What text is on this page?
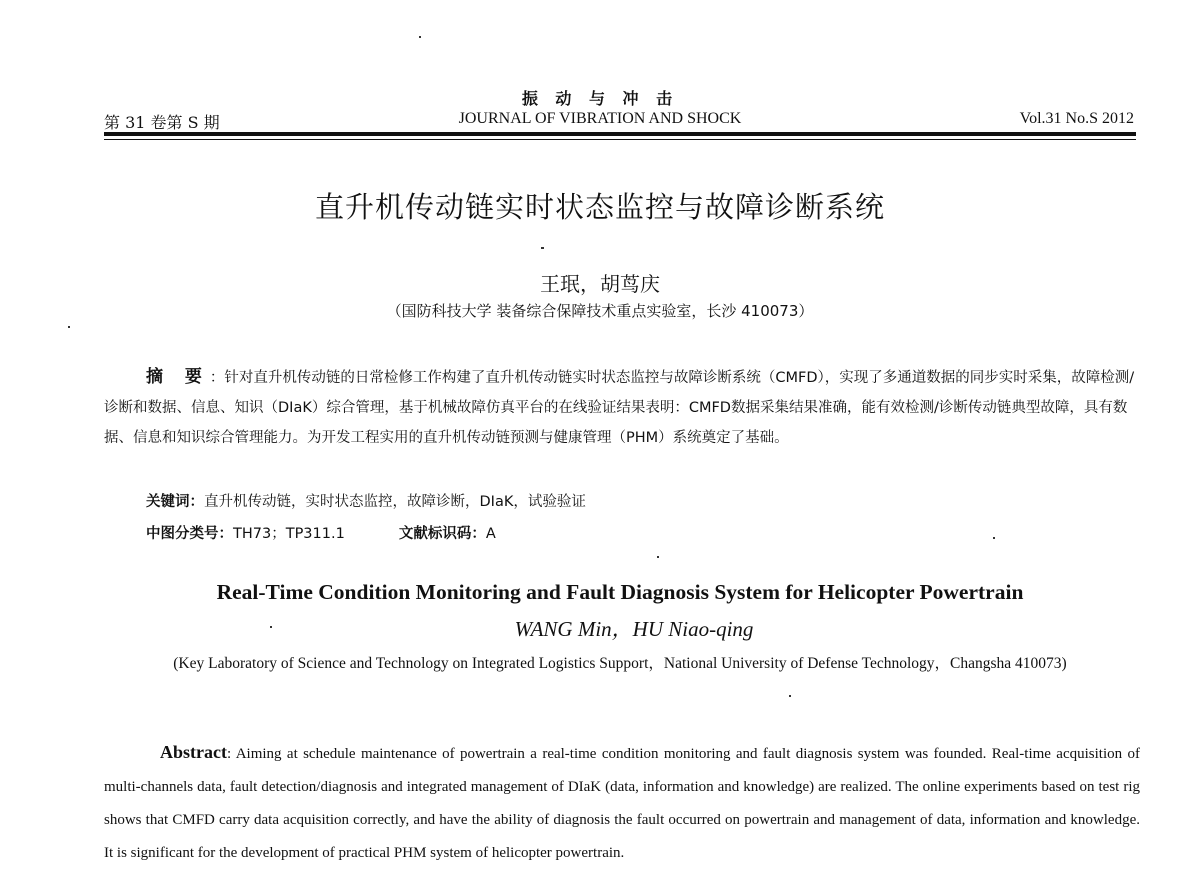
振 动 与 冲 击
第 31 卷第 S 期	JOURNAL OF VIBRATION AND SHOCK	Vol.31 No.S 2012
直升机传动链实时状态监控与故障诊断系统
王珉，胡茑庆
（国防科技大学 装备综合保障技术重点实验室，长沙 410073）
摘 要：针对直升机传动链的日常检修工作构建了直升机传动链实时状态监控与故障诊断系统（CMFD），实现了多通道数据的同步实时采集，故障检测/诊断和数据、信息、知识（DIaK）综合管理，基于机械故障仿真平台的在线验证结果表明：CMFD数据采集结果准确，能有效检测/诊断传动链典型故障，具有数据、信息和知识综合管理能力。为开发工程实用的直升机传动链预测与健康管理（PHM）系统奠定了基础。
关键词：直升机传动链，实时状态监控，故障诊断，DIaK，试验验证
中图分类号：TH73；TP311.1	文献标识码：A
Real-Time Condition Monitoring and Fault Diagnosis System for Helicopter Powertrain
WANG Min，HU Niao-qing
(Key Laboratory of Science and Technology on Integrated Logistics Support，National University of Defense Technology，Changsha 410073)
Abstract: Aiming at schedule maintenance of powertrain a real-time condition monitoring and fault diagnosis system was founded. Real-time acquisition of multi-channels data, fault detection/diagnosis and integrated management of DIaK (data, information and knowledge) are realized. The online experiments based on test rig shows that CMFD carry data acquisition correctly, and have the ability of diagnosis the fault occurred on powertrain and management of data, information and knowledge. It is significant for the development of practical PHM system of helicopter powertrain.
